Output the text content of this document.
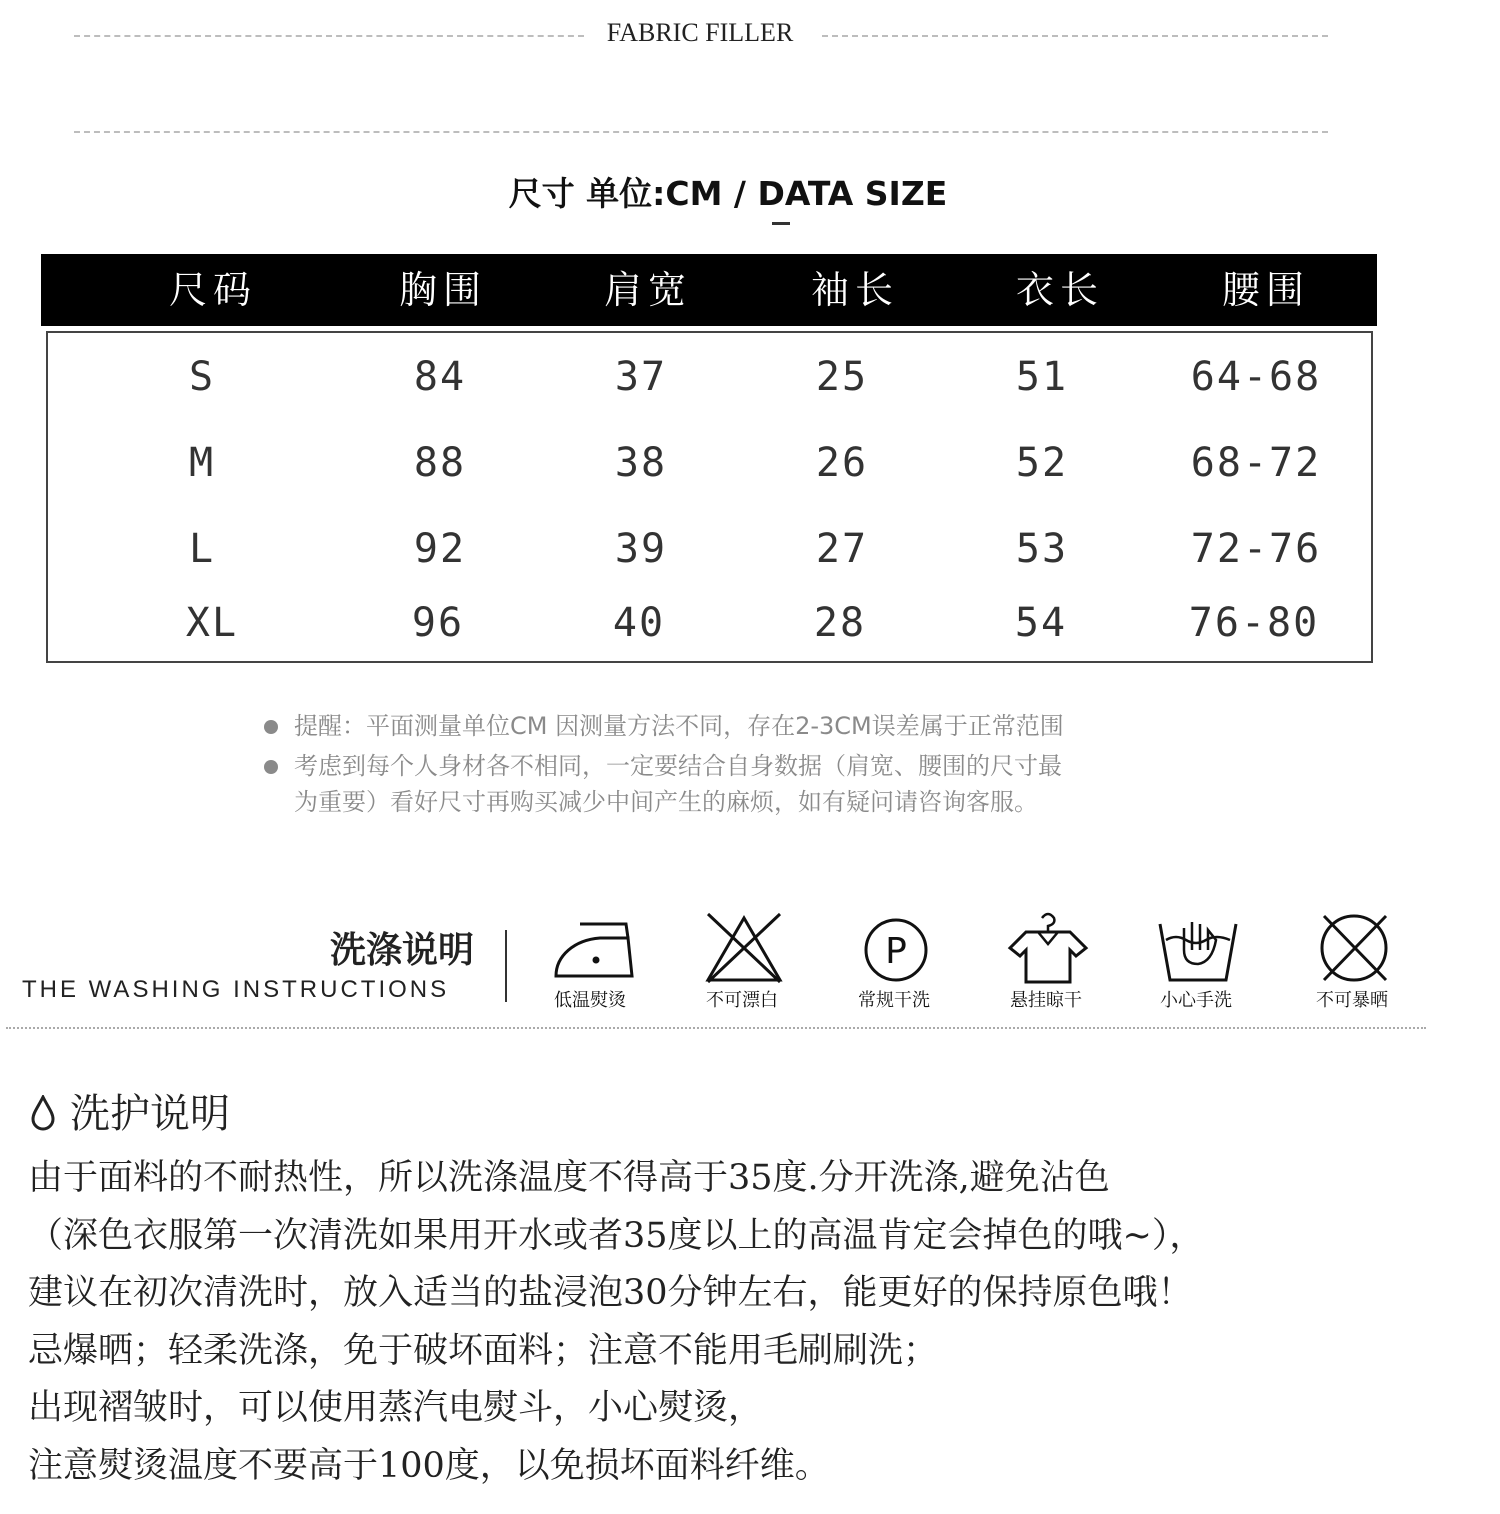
FABRIC FILLER
尺寸 单位:CM / DATA SIZE
尺码	胸围	肩宽	袖长	衣长	腰围
S	84	37	25	51	64-68
M	88	38	26	52	68-72
L	92	39	27	53	72-76
XL	96	40	28	54	76-80
提醒：平面测量单位CM 因测量方法不同，存在2-3CM误差属于正常范围
考虑到每个人身材各不相同，一定要结合自身数据（肩宽、腰围的尺寸最
为重要）看好尺寸再购买减少中间产生的麻烦，如有疑问请咨询客服。
洗涤说明
THE WASHING INSTRUCTIONS	低温熨烫	不可漂白
P
常规干洗	悬挂晾干	小心手洗	不可暴晒
洗护说明
由于面料的不耐热性，所以洗涤温度不得高于35度.分开洗涤,避免沾色
（深色衣服第一次清洗如果用开水或者35度以上的高温肯定会掉色的哦~），
建议在初次清洗时，放入适当的盐浸泡30分钟左右，能更好的保持原色哦！
忌爆晒；轻柔洗涤，免于破坏面料；注意不能用毛刷刷洗；
出现褶皱时，可以使用蒸汽电熨斗，小心熨烫，
注意熨烫温度不要高于100度，以免损坏面料纤维。
